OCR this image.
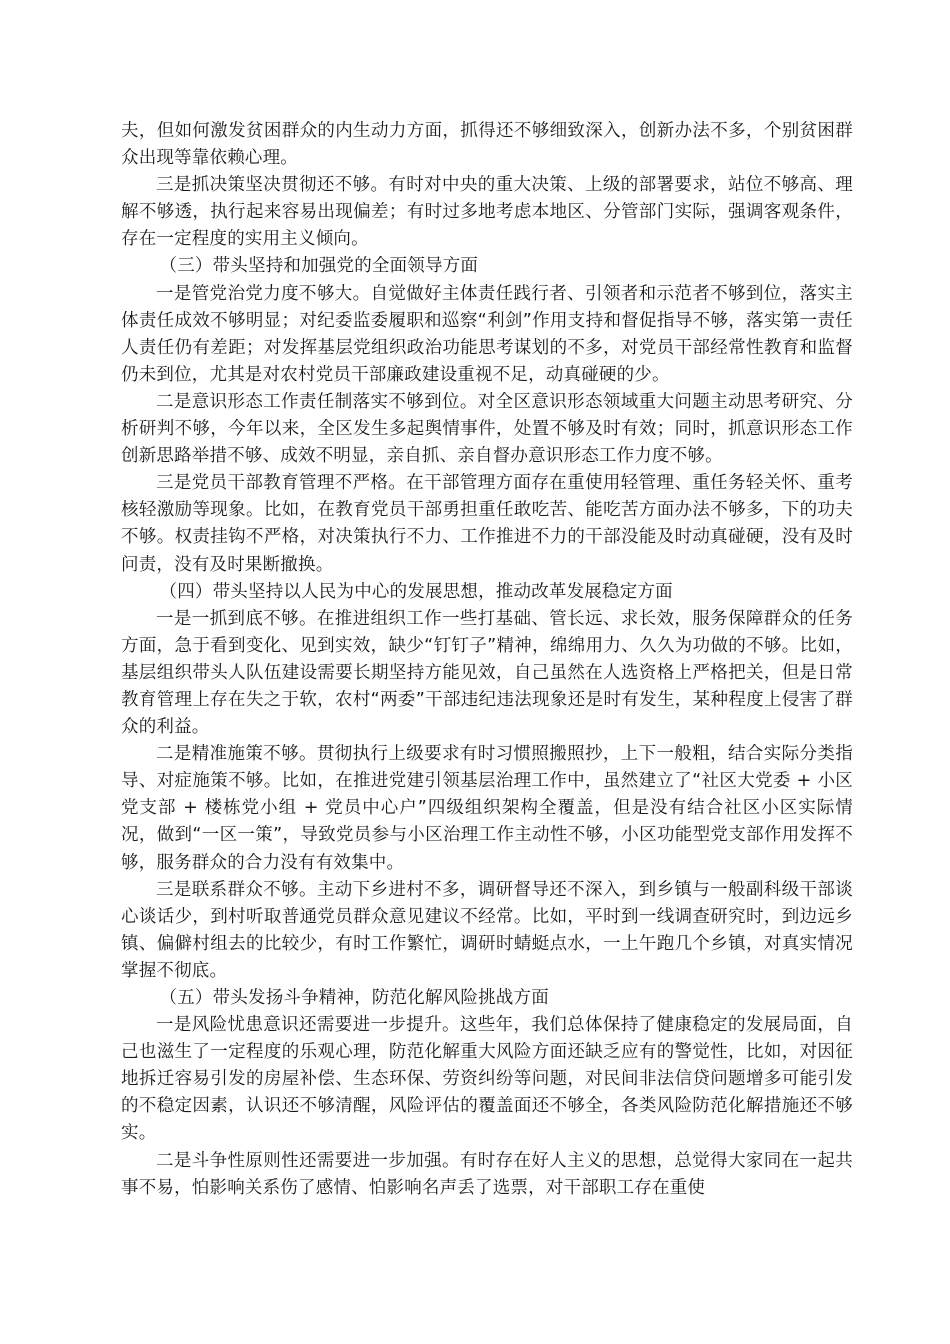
夫，但如何激发贫困群众的内生动力方面，抓得还不够细致深入，创新办法不多，个别贫困群众出现等靠依赖心理。

三是抓决策坚决贯彻还不够。有时对中央的重大决策、上级的部署要求，站位不够高、理解不够透，执行起来容易出现偏差；有时过多地考虑本地区、分管部门实际，强调客观条件，存在一定程度的实用主义倾向。

（三）带头坚持和加强党的全面领导方面

一是管党治党力度不够大。自觉做好主体责任践行者、引领者和示范者不够到位，落实主体责任成效不够明显；对纪委监委履职和巡察“利剑”作用支持和督促指导不够，落实第一责任人责任仍有差距；对发挥基层党组织政治功能思考谋划的不多，对党员干部经常性教育和监督仍未到位，尤其是对农村党员干部廉政建设重视不足，动真碰硬的少。

二是意识形态工作责任制落实不够到位。对全区意识形态领域重大问题主动思考研究、分析研判不够，今年以来，全区发生多起舆情事件，处置不够及时有效；同时，抓意识形态工作创新思路举措不够、成效不明显，亲自抓、亲自督办意识形态工作力度不够。

三是党员干部教育管理不严格。在干部管理方面存在重使用轻管理、重任务轻关怀、重考核轻激励等现象。比如，在教育党员干部勇担重任敢吃苦、能吃苦方面办法不够多，下的功夫不够。权责挂钩不严格，对决策执行不力、工作推进不力的干部没能及时动真碰硬，没有及时问责，没有及时果断撤换。

（四）带头坚持以人民为中心的发展思想，推动改革发展稳定方面

一是一抓到底不够。在推进组织工作一些打基础、管长远、求长效，服务保障群众的任务方面，急于看到变化、见到实效，缺少“钉钉子”精神，绵绵用力、久久为功做的不够。比如，基层组织带头人队伍建设需要长期坚持方能见效，自己虽然在人选资格上严格把关，但是日常教育管理上存在失之于软，农村“两委”干部违纪违法现象还是时有发生，某种程度上侵害了群众的利益。

二是精准施策不够。贯彻执行上级要求有时习惯照搬照抄，上下一般粗，结合实际分类指导、对症施策不够。比如，在推进党建引领基层治理工作中，虽然建立了“社区大党委 + 小区党支部 + 楼栋党小组 + 党员中心户”四级组织架构全覆盖，但是没有结合社区小区实际情况，做到“一区一策”，导致党员参与小区治理工作主动性不够，小区功能型党支部作用发挥不够，服务群众的合力没有有效集中。

三是联系群众不够。主动下乡进村不多，调研督导还不深入，到乡镇与一般副科级干部谈心谈话少，到村听取普通党员群众意见建议不经常。比如，平时到一线调查研究时，到边远乡镇、偏僻村组去的比较少，有时工作繁忙，调研时蜻蜓点水，一上午跑几个乡镇，对真实情况掌握不彻底。

（五）带头发扬斗争精神，防范化解风险挑战方面

一是风险忧患意识还需要进一步提升。这些年，我们总体保持了健康稳定的发展局面，自己也滋生了一定程度的乐观心理，防范化解重大风险方面还缺乏应有的警觉性，比如，对因征地拆迁容易引发的房屋补偿、生态环保、劳资纠纷等问题，对民间非法信贷问题增多可能引发的不稳定因素，认识还不够清醒，风险评估的覆盖面还不够全，各类风险防范化解措施还不够实。

二是斗争性原则性还需要进一步加强。有时存在好人主义的思想，总觉得大家同在一起共事不易，怕影响关系伤了感情、怕影响名声丢了选票，对干部职工存在重使
